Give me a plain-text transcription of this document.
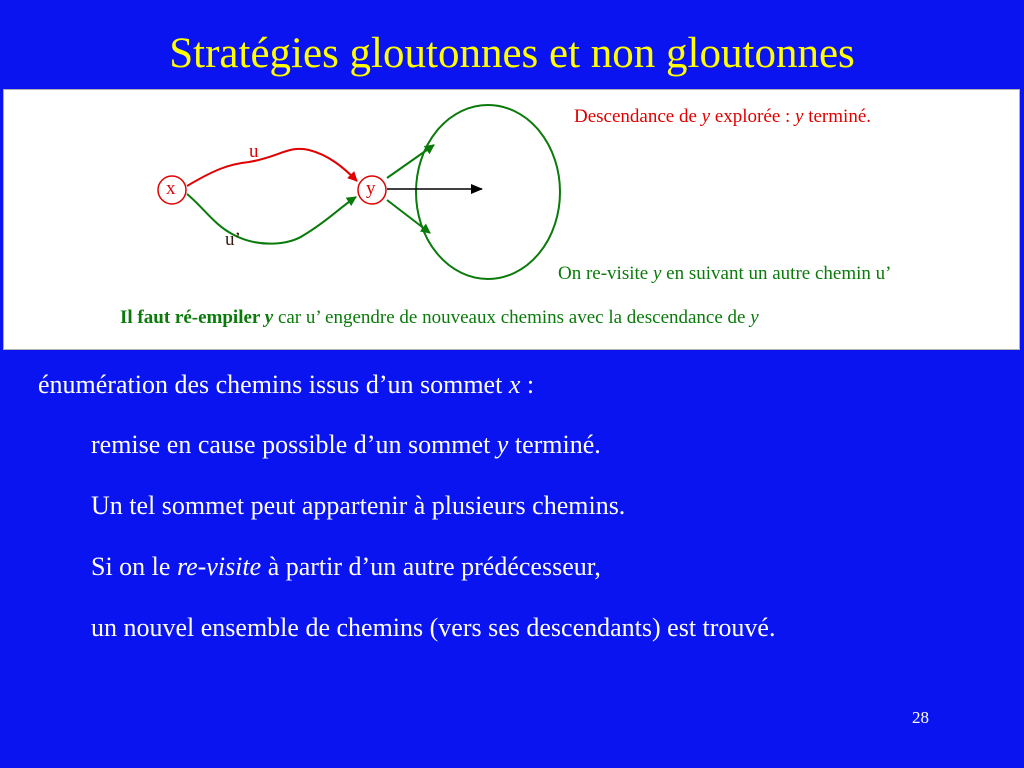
Stratégies gloutonnes et non gloutonnes
x	y
u
u’
Descendance de y explorée : y terminé.
On re-visite y en suivant un autre chemin u’
Il faut ré-empiler y car u’ engendre de nouveaux chemins avec la descendance de y
énumération des chemins issus d’un sommet x :
remise en cause possible d’un sommet y terminé.
Un tel sommet peut appartenir à plusieurs chemins.
Si on le re-visite à partir d’un autre prédécesseur,
un nouvel ensemble de chemins (vers ses descendants) est trouvé.
28
